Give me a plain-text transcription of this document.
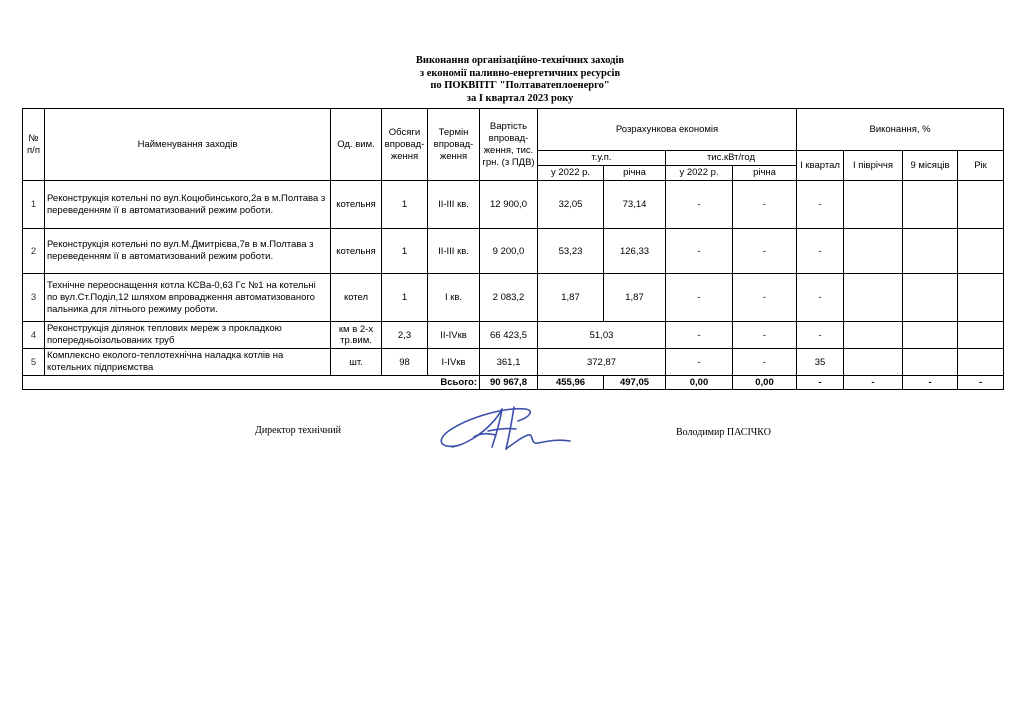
Виконання організаційно-технічних заходів
з економії паливно-енергетичних ресурсів
по ПОКВПТГ "Полтаватеплоенерго"
за І квартал 2023 року
№ п/п	Найменування заходів	Од. вим.	Обсяги впровад-ження	Термін впровад-ження	Вартість впровад-ження, тис. грн. (з ПДВ)	Розрахункова економія				Виконання, %			
						т.у.п.		тис.кВт/год		І квартал	І півріччя	9 місяців	Рік
						у 2022 р.	річна	у 2022 р.	річна				
1	Реконструкція котельні по вул.Коцюбинського,2а в м.Полтава з переведенням її в автоматизований режим роботи.	котельня	1	ІІ-ІІІ кв.	12 900,0	32,05	73,14	-	-	-			
2	Реконструкція котельні по вул.М.Дмитрієва,7в в м.Полтава з переведенням її в автоматизований режим роботи.	котельня	1	ІІ-ІІІ кв.	9 200,0	53,23	126,33	-	-	-			
3	Технічне переоснащення котла КСВа-0,63 Гс №1 на котельні по вул.Ст.Поділ,12 шляхом впровадження автоматизованого пальника для літнього режиму роботи.	котел	1	І кв.	2 083,2	1,87	1,87	-	-	-			
4	Реконструкція ділянок теплових мереж з прокладкою попередньоізольованих труб	км в 2-х тр.вим.	2,3	ІІ-ІVкв	66 423,5	51,03		-	-	-			
5	Комплексно еколого-теплотехнічна наладка котлів на котельних підприємства	шт.	98	І-ІVкв	361,1	372,87		-	-	35			
Всього:					90 967,8	455,96	497,05	0,00	0,00	-	-	-	-
Директор технічний	Володимир ПАСІЧКО
